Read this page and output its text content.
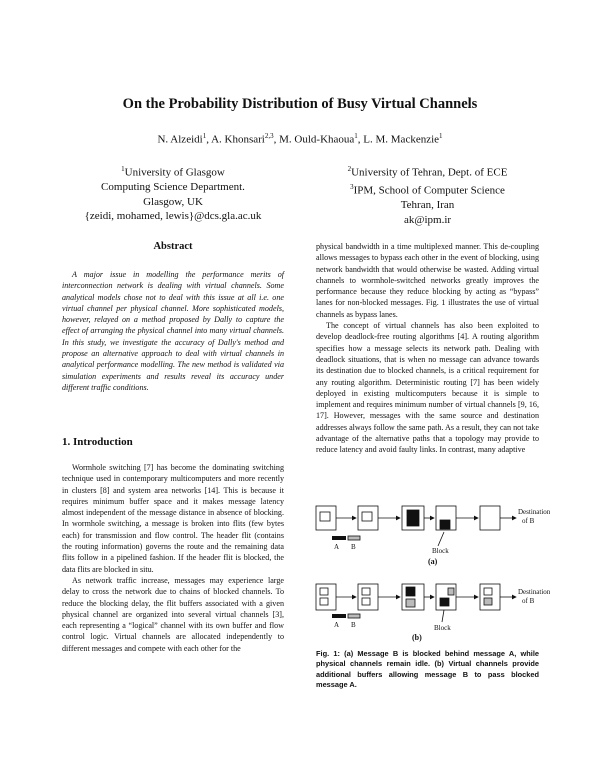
On the Probability Distribution of Busy Virtual Channels
N. Alzeidi$^1$, A. Khonsari$^{2,3}$, M. Ould-Khaoua$^1$, L. M. Mackenzie$^1$
$^1$University of Glasgow
Computing Science Department.
Glasgow, UK
{zeidi, mohamed, lewis}@dcs.gla.ac.uk
$^2$University of Tehran, Dept. of ECE
$^3$IPM, School of Computer Science
Tehran, Iran
ak@ipm.ir
Abstract

A major issue in modelling the performance merits of interconnection network is dealing with virtual channels. Some analytical models chose not to deal with this issue at all i.e. one virtual channel per physical channel. More sophisticated models, however, relayed on a method proposed by Dally to capture the effect of arranging the physical channel into many virtual channels. In this study, we investigate the accuracy of Dally's method and propose an alternative approach to deal with virtual channels in analytical performance modelling. The new method is validated via simulation experiments and results reveal its accuracy under different traffic conditions.

1. Introduction

Wormhole switching [7] has become the dominating switching technique used in contemporary multicomputers and more recently in clusters [8] and system area networks [14]. This is because it requires minimum buffer space and it makes message latency almost independent of the message distance in absence of blocking. In wormhole switching, a message is broken into flits (few bytes each) for transmission and flow control. The header flit (contains the routing information) governs the route and the remaining data flits follow in a pipelined fashion. If the header flit is blocked, the data flits are blocked in situ.

As network traffic increase, messages may experience large delay to cross the network due to chains of blocked channels. To reduce the blocking delay, the flit buffers associated with a given physical channel are organized into several virtual channels [3], each representing a “logical” channel with its own buffer and flow control logic. Virtual channels are allocated independently to different messages and compete with each other for the

physical bandwidth in a time multiplexed manner. This de-coupling allows messages to bypass each other in the event of blocking, using network bandwidth that would otherwise be wasted. Adding virtual channels to wormhole-switched networks greatly improves the performance because they reduce blocking by acting as “bypass” lanes for non-blocked messages. Fig. 1 illustrates the use of virtual channels as bypass lanes.

The concept of virtual channels has also been exploited to develop deadlock-free routing algorithms [4]. A routing algorithm specifies how a message selects its network path. Dealing with deadlock situations, that is when no message can advance towards its destination due to blocked channels, is a critical requirement for any routing algorithm. Deterministic routing [7] has been widely deployed in existing multicomputers because it is simple to implement and requires minimum number of virtual channels [9, 16, 17]. However, messages with the same source and destination addresses always follow the same path. As a result, they can not take advantage of the alternative paths that a topology may provide to reduce latency and avoid faulty links. In contrast, many adaptive

Destination
of B
A B	Block
(a)
Destination
of B
A B	Block
(b)
Fig. 1: (a) Message B is blocked behind message A, while physical channels remain idle. (b) Virtual channels provide additional buffers allowing message B to pass blocked message A.
